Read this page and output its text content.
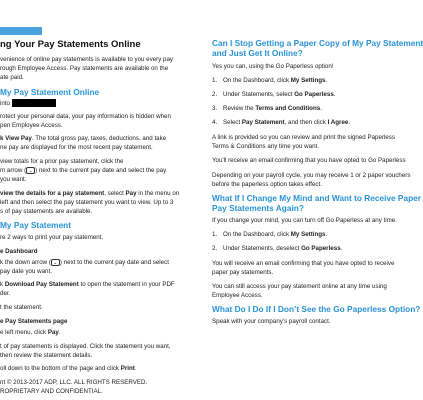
ng Your Pay Statements Online
venience of online pay statements is available to you every pay
rough Employee Access. Pay statements are available on the
ate paid.
My Pay Statement Online
into
rotect your personal data, your pay information is hidden when
pen Employee Access.
k View Pay. The total gross pay, taxes, deductions, and take
ne pay are displayed for the most recent pay statement.
view totals for a prior pay statement, click the
m arrow ( ⌄ ) next to the current pay date and select the pay
you want.
view the details for a pay statement, select Pay in the menu on
left and then select the pay statement you want to view. Up to 3
s of pay statements are available.
My Pay Statement
re 2 ways to print your pay statement.
e Dashboard
k the down arrow ( ⌄ ) next to the current pay date and select
pay date you want.
k Download Pay Statement to open the statement in your PDF
der.
t the statement.
e Pay Statements page
e left menu, click Pay.
t of pay statements is displayed. Click the statement you want,
then review the statement details.
oll down to the bottom of the page and click Print.
nt © 2013-2017 ADP, LLC. ALL RIGHTS RESERVED.
ROPRIETARY AND CONFIDENTIAL.
Can I Stop Getting a Paper Copy of My Pay Statement
and Just Get It Online?
Yes you can, using the Go Paperless option!
1. On the Dashboard, click My Settings.
2. Under Statements, select Go Paperless.
3. Review the Terms and Conditions.
4. Select Pay Statement, and then click I Agree.
A link is provided so you can review and print the signed Paperless
Terms & Conditions any time you want.
You'll receive an email confirming that you have opted to Go Paperless
Depending on your payroll cycle, you may receive 1 or 2 paper vouchers
before the paperless option takes effect.
What If I Change My Mind and Want to Receive Paper
Pay Statements Again?
If you change your mind, you can turn off Go Paperless at any time.
1. On the Dashboard, click My Settings.
2. Under Statements, deselect Go Paperless.
You will receive an email confirming that you have opted to receive
paper pay statements.
You can still access your pay statement online at any time using
Employee Access.
What Do I Do If I Don’t See the Go Paperless Option?
Speak with your company’s payroll contact.
